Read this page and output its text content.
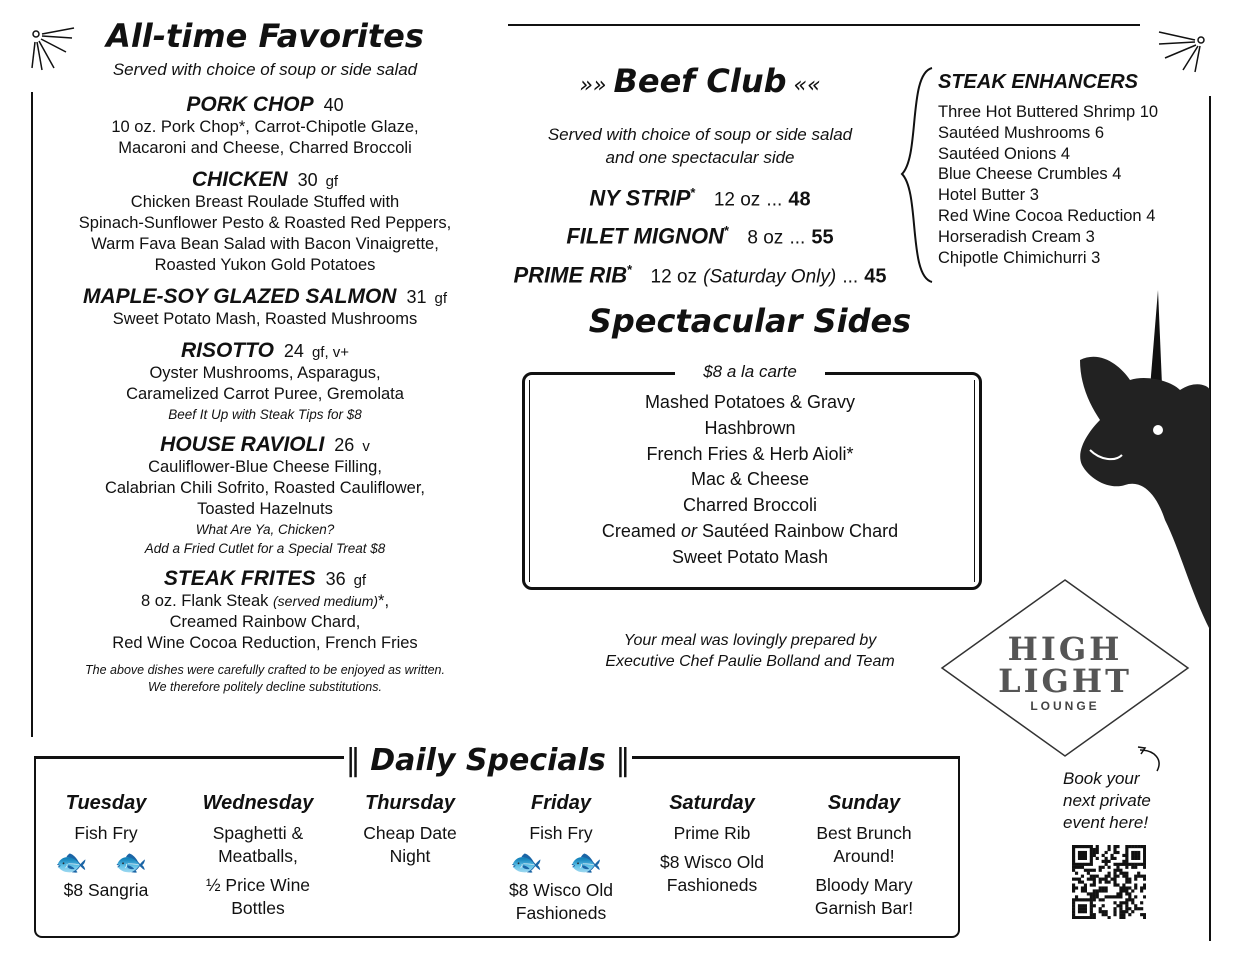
All-time Favorites
Served with choice of soup or side salad
PORK CHOP 40
10 oz. Pork Chop*, Carrot-Chipotle Glaze,
Macaroni and Cheese, Charred Broccoli
CHICKEN 30 gf
Chicken Breast Roulade Stuffed with
Spinach-Sunflower Pesto & Roasted Red Peppers,
Warm Fava Bean Salad with Bacon Vinaigrette,
Roasted Yukon Gold Potatoes
MAPLE-SOY GLAZED SALMON 31 gf
Sweet Potato Mash, Roasted Mushrooms
RISOTTO 24 gf, v+
Oyster Mushrooms, Asparagus,
Caramelized Carrot Puree, Gremolata
Beef It Up with Steak Tips for $8
HOUSE RAVIOLI 26 v
Cauliflower-Blue Cheese Filling,
Calabrian Chili Sofrito, Roasted Cauliflower,
Toasted Hazelnuts
What Are Ya, Chicken?
Add a Fried Cutlet for a Special Treat $8
STEAK FRITES 36 gf
8 oz. Flank Steak (served medium)*,
Creamed Rainbow Chard,
Red Wine Cocoa Reduction, French Fries
The above dishes were carefully crafted to be enjoyed as written.
We therefore politely decline substitutions.
»» Beef Club ««
Served with choice of soup or side salad
and one spectacular side
NY STRIP* 12 oz ... 48
FILET MIGNON* 8 oz ... 55
PRIME RIB* 12 oz (Saturday Only) ... 45
STEAK ENHANCERS
Three Hot Buttered Shrimp 10
Sautéed Mushrooms 6
Sautéed Onions 4
Blue Cheese Crumbles 4
Hotel Butter 3
Red Wine Cocoa Reduction 4
Horseradish Cream 3
Chipotle Chimichurri 3
Spectacular Sides
$8 a la carte
Mashed Potatoes & Gravy
Hashbrown
French Fries & Herb Aioli*
Mac & Cheese
Charred Broccoli
Creamed or Sautéed Rainbow Chard
Sweet Potato Mash
Your meal was lovingly prepared by
Executive Chef Paulie Bolland and Team	HIGH
LIGHT
LOUNGE
Book your
next private
event here!
‖ Daily Specials ‖
Tuesday
Fish Fry
🐟 🐟
$8 Sangria
Wednesday
Spaghetti &
Meatballs,
½ Price Wine
Bottles
Thursday
Cheap Date
Night
Friday
Fish Fry
🐟 🐟
$8 Wisco Old
Fashioneds
Saturday
Prime Rib
$8 Wisco Old
Fashioneds
Sunday
Best Brunch
Around!
Bloody Mary
Garnish Bar!
